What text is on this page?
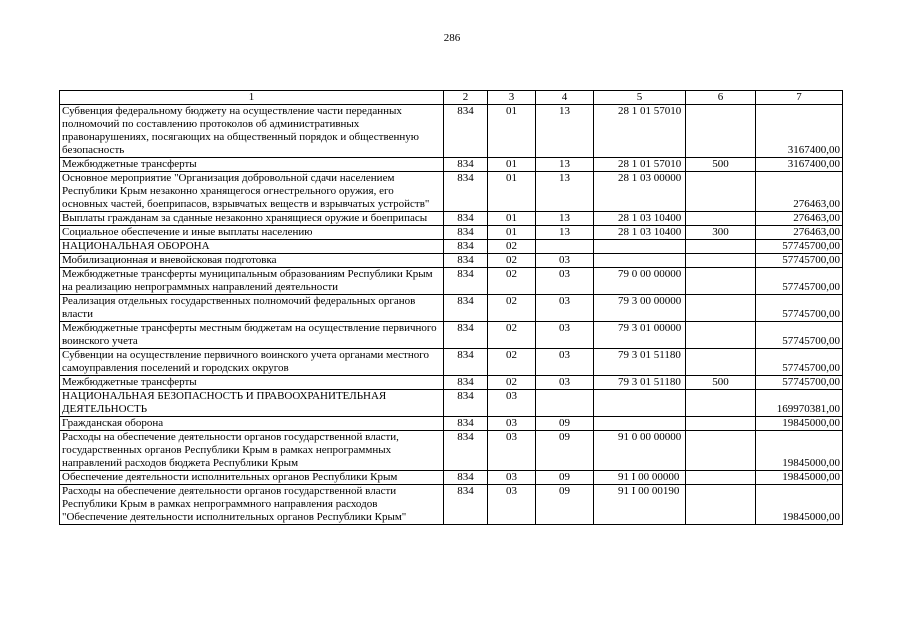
286
1	2	3	4	5	6	7
Субвенция федеральному бюджету на осуществление части переданных полномочий по составлению протоколов об административных правонарушениях, посягающих на общественный порядок и общественную безопасность	834	01	13	28 1 01 57010		3167400,00
Межбюджетные трансферты	834	01	13	28 1 01 57010	500	3167400,00
Основное мероприятие "Организация добровольной сдачи населением Республики Крым незаконно хранящегося огнестрельного оружия, его основных частей, боеприпасов, взрывчатых веществ и взрывчатых устройств"	834	01	13	28 1 03 00000		276463,00
Выплаты гражданам за сданные незаконно хранящиеся оружие и боеприпасы	834	01	13	28 1 03 10400		276463,00
Социальное обеспечение и иные выплаты населению	834	01	13	28 1 03 10400	300	276463,00
НАЦИОНАЛЬНАЯ ОБОРОНА	834	02				57745700,00
Мобилизационная и вневойсковая подготовка	834	02	03			57745700,00
Межбюджетные трансферты муниципальным образованиям Республики Крым на реализацию непрограммных направлений деятельности	834	02	03	79 0 00 00000		57745700,00
Реализация отдельных государственных полномочий федеральных органов власти	834	02	03	79 3 00 00000		57745700,00
Межбюджетные трансферты местным бюджетам на осуществление первичного воинского учета	834	02	03	79 3 01 00000		57745700,00
Субвенции на осуществление первичного воинского учета органами местного самоуправления поселений и городских округов	834	02	03	79 3 01 51180		57745700,00
Межбюджетные трансферты	834	02	03	79 3 01 51180	500	57745700,00
НАЦИОНАЛЬНАЯ БЕЗОПАСНОСТЬ И ПРАВООХРАНИТЕЛЬНАЯ ДЕЯТЕЛЬНОСТЬ	834	03				169970381,00
Гражданская оборона	834	03	09			19845000,00
Расходы на обеспечение деятельности органов государственной власти, государственных органов Республики Крым в рамках непрограммных направлений расходов бюджета Республики Крым	834	03	09	91 0 00 00000		19845000,00
Обеспечение деятельности исполнительных органов Республики Крым	834	03	09	91 I 00 00000		19845000,00
Расходы на обеспечение деятельности органов государственной власти Республики Крым в рамках непрограммного направления расходов "Обеспечение деятельности исполнительных органов Республики Крым"	834	03	09	91 I 00 00190		19845000,00
